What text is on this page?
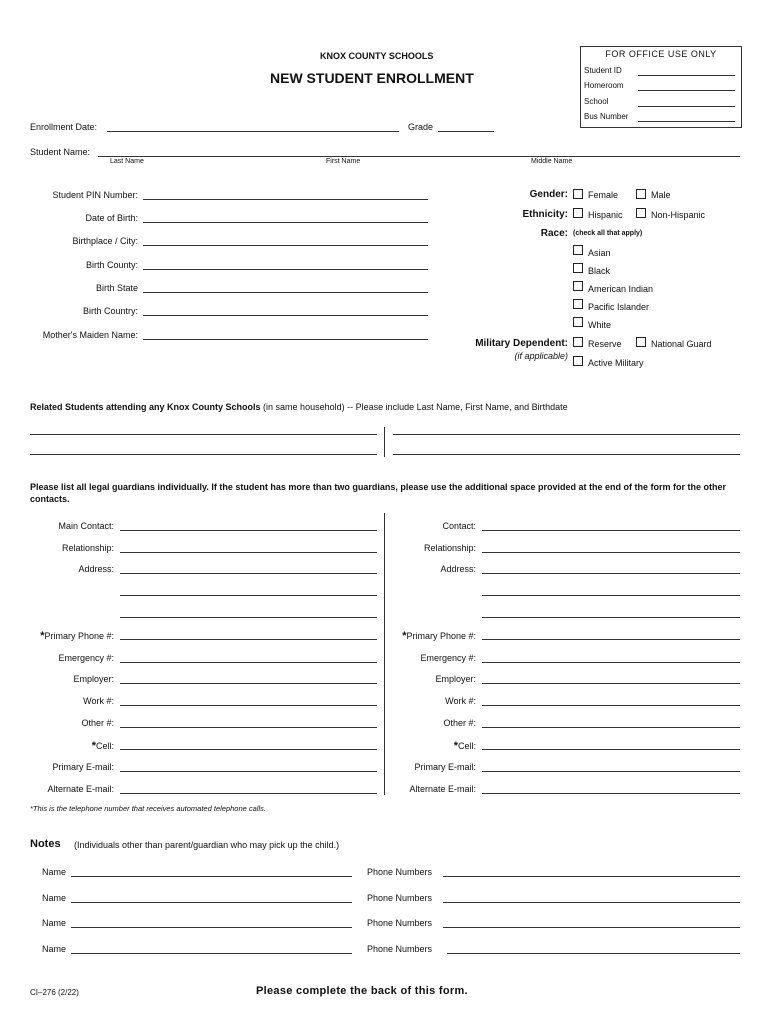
KNOX COUNTY SCHOOLS
NEW STUDENT ENROLLMENT
FOR OFFICE USE ONLY
Student ID
Homeroom
School
Bus Number
Enrollment Date:	Grade
Student Name:
Last Name	First Name	Middle Name
Student PIN Number:
Date of Birth:
Birthplace / City:
Birth County:
Birth State
Birth Country:
Mother's Maiden Name:
Gender: Female	Male
Ethnicity: Hispanic	Non-Hispanic
Race: (check all that apply)
Asian
Black
American Indian
Pacific Islander
White
Military Dependent:
(if applicable)
Reserve	National Guard
Active Military
Related Students attending any Knox County Schools (in same household) -- Please include Last Name, First Name, and Birthdate
Please list all legal guardians individually. If the student has more than two guardians, please use the additional space provided at the end of the form for the other contacts.
Main Contact:
Relationship:
Address:
*Primary Phone #:
Emergency #:
Employer:
Work #:
Other #:
*Cell:
Primary E-mail:
Alternate E-mail:
Contact:
Relationship:
Address:
*Primary Phone #:
Emergency #:
Employer:
Work #:
Other #:
*Cell:
Primary E-mail:
Alternate E-mail:
*This is the telephone number that receives automated telephone calls.
Notes (Individuals other than parent/guardian who may pick up the child.)
Name	Phone Numbers
Name	Phone Numbers
Name	Phone Numbers
Name	Phone Numbers
CI–276 (2/22)	Please complete the back of this form.
